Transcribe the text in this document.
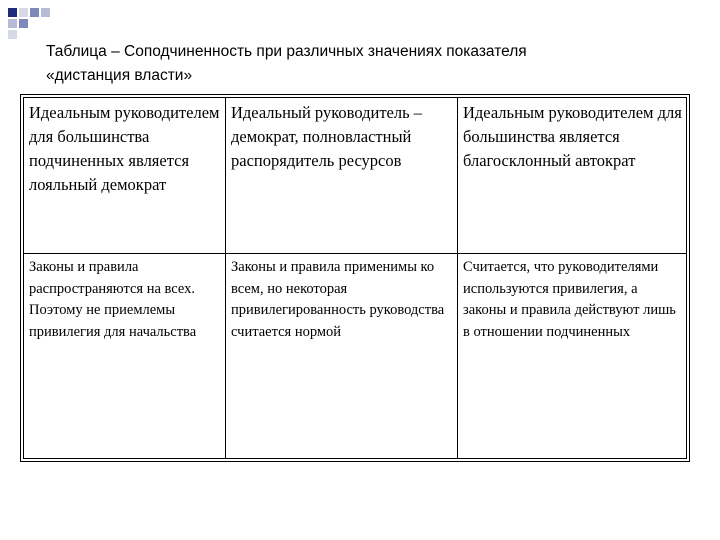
Таблица – Соподчиненность при различных значениях показателя
«дистанция власти»
Идеальным руководителем для большинства подчиненных является лояльный демократ	Идеальный руководитель – демократ, полновластный распорядитель ресурсов	Идеальным руководителем для большинства является благосклонный автократ
Законы и правила распространяются на всех. Поэтому не приемлемы привилегия для начальства	Законы и правила применимы ко всем, но некоторая привилегированность руководства считается нормой	Считается, что руководителями используются привилегия, а законы и правила действуют лишь в отношении подчиненных
